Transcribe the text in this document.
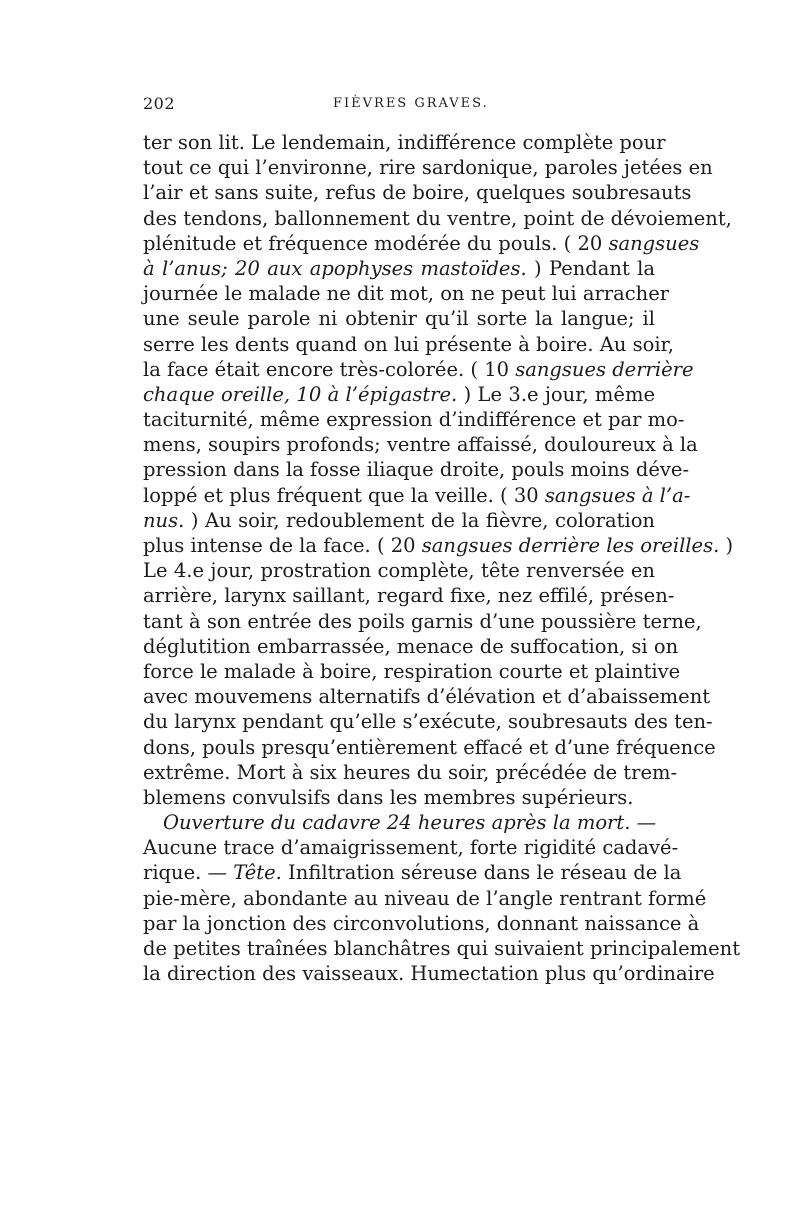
202	FIÈVRES GRAVES.
ter son lit. Le lendemain, indifférence complète pour
tout ce qui l’environne, rire sardonique, paroles jetées en
l’air et sans suite, refus de boire, quelques soubresauts
des tendons, ballonnement du ventre, point de dévoiement,
plénitude et fréquence modérée du pouls. ( 20 sangsues
à l’anus; 20 aux apophyses mastoïdes. ) Pendant la
journée le malade ne dit mot, on ne peut lui arracher
une seule parole ni obtenir qu’il sorte la langue; il
serre les dents quand on lui présente à boire. Au soir,
la face était encore très-colorée. ( 10 sangsues derrière
chaque oreille, 10 à l’épigastre. ) Le 3.e jour, même
taciturnité, même expression d’indifférence et par mo-
mens, soupirs profonds; ventre affaissé, douloureux à la
pression dans la fosse iliaque droite, pouls moins déve-
loppé et plus fréquent que la veille. ( 30 sangsues à l’a-
nus. ) Au soir, redoublement de la fièvre, coloration
plus intense de la face. ( 20 sangsues derrière les oreilles. )
Le 4.e jour, prostration complète, tête renversée en
arrière, larynx saillant, regard fixe, nez effilé, présen-
tant à son entrée des poils garnis d’une poussière terne,
déglutition embarrassée, menace de suffocation, si on
force le malade à boire, respiration courte et plaintive
avec mouvemens alternatifs d’élévation et d’abaissement
du larynx pendant qu’elle s’exécute, soubresauts des ten-
dons, pouls presqu’entièrement effacé et d’une fréquence
extrême. Mort à six heures du soir, précédée de trem-
blemens convulsifs dans les membres supérieurs.
Ouverture du cadavre 24 heures après la mort. —
Aucune trace d’amaigrissement, forte rigidité cadavé-
rique. — Tête. Infiltration séreuse dans le réseau de la
pie-mère, abondante au niveau de l’angle rentrant formé
par la jonction des circonvolutions, donnant naissance à
de petites traînées blanchâtres qui suivaient principalement
la direction des vaisseaux. Humectation plus qu’ordinaire
